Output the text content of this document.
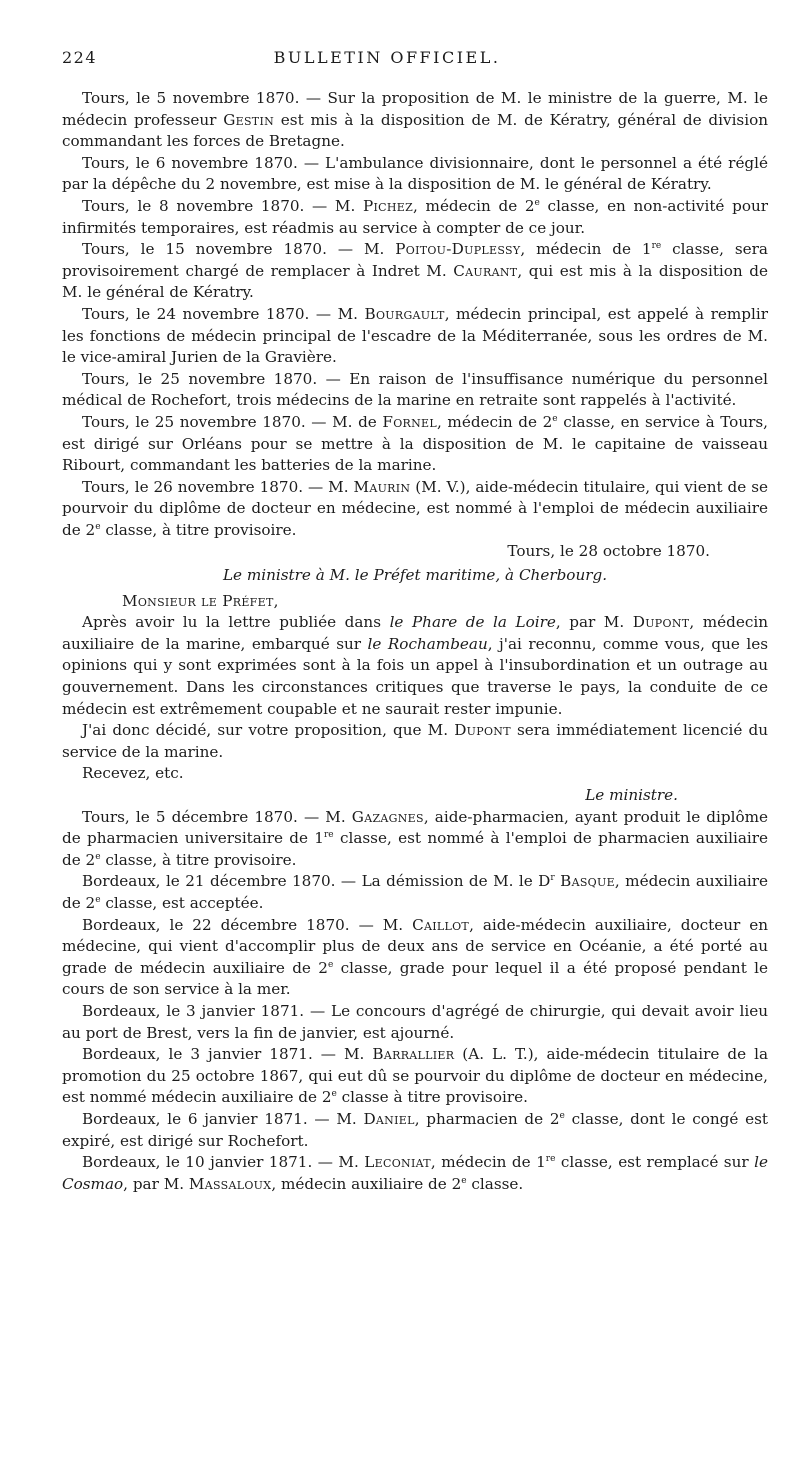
224	BULLETIN OFFICIEL.

Tours, le 5 novembre 1870. — Sur la proposition de M. le ministre de la guerre, M. le médecin professeur Gestin est mis à la disposition de M. de Kératry, général de division commandant les forces de Bretagne.

Tours, le 6 novembre 1870. — L'ambulance divisionnaire, dont le personnel a été réglé par la dépêche du 2 novembre, est mise à la disposition de M. le général de Kératry.

Tours, le 8 novembre 1870. — M. Pichez, médecin de 2e classe, en non-activité pour infirmités temporaires, est réadmis au service à compter de ce jour.

Tours, le 15 novembre 1870. — M. Poitou-Duplessy, médecin de 1re classe, sera provisoirement chargé de remplacer à Indret M. Caurant, qui est mis à la disposition de M. le général de Kératry.

Tours, le 24 novembre 1870. — M. Bourgault, médecin principal, est appelé à remplir les fonctions de médecin principal de l'escadre de la Méditerranée, sous les ordres de M. le vice-amiral Jurien de la Gravière.

Tours, le 25 novembre 1870. — En raison de l'insuffisance numérique du personnel médical de Rochefort, trois médecins de la marine en retraite sont rappelés à l'activité.

Tours, le 25 novembre 1870. — M. de Fornel, médecin de 2e classe, en service à Tours, est dirigé sur Orléans pour se mettre à la disposition de M. le capitaine de vaisseau Ribourt, commandant les batteries de la marine.

Tours, le 26 novembre 1870. — M. Maurin (M. V.), aide-médecin titulaire, qui vient de se pourvoir du diplôme de docteur en médecine, est nommé à l'emploi de médecin auxiliaire de 2e classe, à titre provisoire.

Tours, le 28 octobre 1870.

Le ministre à M. le Préfet maritime, à Cherbourg.

Monsieur le Préfet,

Après avoir lu la lettre publiée dans le Phare de la Loire, par M. Dupont, médecin auxiliaire de la marine, embarqué sur le Rochambeau, j'ai reconnu, comme vous, que les opinions qui y sont exprimées sont à la fois un appel à l'insubordination et un outrage au gouvernement. Dans les circonstances critiques que traverse le pays, la conduite de ce médecin est extrêmement coupable et ne saurait rester impunie.

J'ai donc décidé, sur votre proposition, que M. Dupont sera immédiatement licencié du service de la marine.

Recevez, etc.

Le ministre.

Tours, le 5 décembre 1870. — M. Gazagnes, aide-pharmacien, ayant produit le diplôme de pharmacien universitaire de 1re classe, est nommé à l'emploi de pharmacien auxiliaire de 2e classe, à titre provisoire.

Bordeaux, le 21 décembre 1870. — La démission de M. le $D^r$ Basque, médecin auxiliaire de 2e classe, est acceptée.

Bordeaux, le 22 décembre 1870. — M. Caillot, aide-médecin auxiliaire, docteur en médecine, qui vient d'accomplir plus de deux ans de service en Océanie, a été porté au grade de médecin auxiliaire de 2e classe, grade pour lequel il a été proposé pendant le cours de son service à la mer.

Bordeaux, le 3 janvier 1871. — Le concours d'agrégé de chirurgie, qui devait avoir lieu au port de Brest, vers la fin de janvier, est ajourné.

Bordeaux, le 3 janvier 1871. — M. Barrallier (A. L. T.), aide-médecin titulaire de la promotion du 25 octobre 1867, qui eut dû se pourvoir du diplôme de docteur en médecine, est nommé médecin auxiliaire de 2e classe à titre provisoire.

Bordeaux, le 6 janvier 1871. — M. Daniel, pharmacien de 2e classe, dont le congé est expiré, est dirigé sur Rochefort.

Bordeaux, le 10 janvier 1871. — M. Leconiat, médecin de 1re classe, est remplacé sur le Cosmao, par M. Massaloux, médecin auxiliaire de 2e classe.
